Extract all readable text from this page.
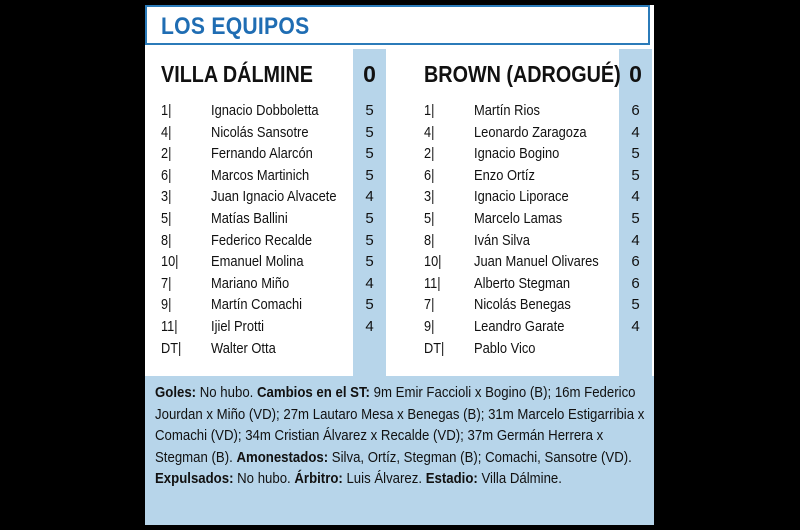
LOS EQUIPOS
VILLA DÁLMINE	0
1|	Ignacio Dobboletta	5
4|	Nicolás Sansotre	5
2|	Fernando Alarcón	5
6|	Marcos Martinich	5
3|	Juan Ignacio Alvacete	4
5|	Matías Ballini	5
8|	Federico Recalde	5
10| Emanuel Molina	5
7|	Mariano Miño	4
9|	Martín Comachi	5
11| Ijiel Protti	4
DT| Walter Otta
BROWN (ADROGUÉ) 0
1|	Martín Rios	6
4|	Leonardo Zaragoza	4
2|	Ignacio Bogino	5
6|	Enzo Ortíz	5
3|	Ignacio Liporace	4
5|	Marcelo Lamas	5
8|	Iván Silva	4
10| Juan Manuel Olivares	6
11| Alberto Stegman	6
7|	Nicolás Benegas	5
9|	Leandro Garate	4
DT| Pablo Vico
Goles: No hubo. Cambios en el ST: 9m Emir Faccioli x Bogino (B); 16m Federico Jourdan x Miño (VD); 27m Lautaro Mesa x Benegas (B); 31m Marcelo Estigarribia x Comachi (VD); 34m Cristian Álvarez x Recalde (VD); 37m Germán Herrera x Stegman (B). Amonestados: Silva, Ortíz, Stegman (B); Comachi, Sansotre (VD). Expulsados: No hubo. Árbitro: Luis Álvarez. Estadio: Villa Dálmine.
